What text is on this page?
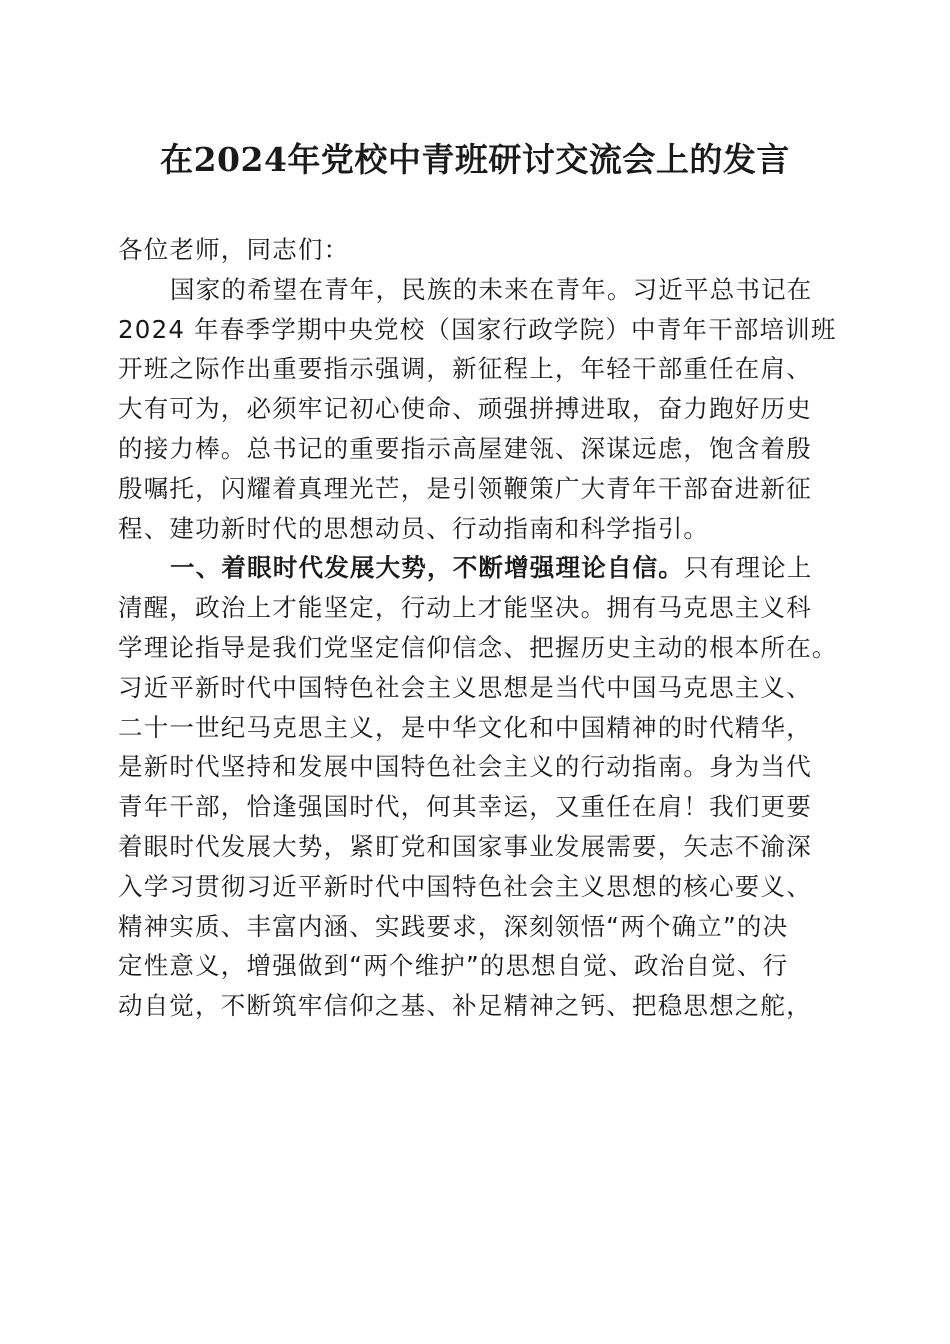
在2024年党校中青班研讨交流会上的发言
各位老师，同志们：
国家的希望在青年，民族的未来在青年。习近平总书记在
2024 年春季学期中央党校（国家行政学院）中青年干部培训班
开班之际作出重要指示强调，新征程上，年轻干部重任在肩、
大有可为，必须牢记初心使命、顽强拼搏进取，奋力跑好历史
的接力棒。总书记的重要指示高屋建瓴、深谋远虑，饱含着殷
殷嘱托，闪耀着真理光芒，是引领鞭策广大青年干部奋进新征
程、建功新时代的思想动员、行动指南和科学指引。
一、着眼时代发展大势，不断增强理论自信。只有理论上
清醒，政治上才能坚定，行动上才能坚决。拥有马克思主义科
学理论指导是我们党坚定信仰信念、把握历史主动的根本所在。
习近平新时代中国特色社会主义思想是当代中国马克思主义、
二十一世纪马克思主义，是中华文化和中国精神的时代精华，
是新时代坚持和发展中国特色社会主义的行动指南。身为当代
青年干部，恰逢强国时代，何其幸运，又重任在肩！我们更要
着眼时代发展大势，紧盯党和国家事业发展需要，矢志不渝深
入学习贯彻习近平新时代中国特色社会主义思想的核心要义、
精神实质、丰富内涵、实践要求，深刻领悟“两个确立”的决
定性意义，增强做到“两个维护”的思想自觉、政治自觉、行
动自觉，不断筑牢信仰之基、补足精神之钙、把稳思想之舵，
